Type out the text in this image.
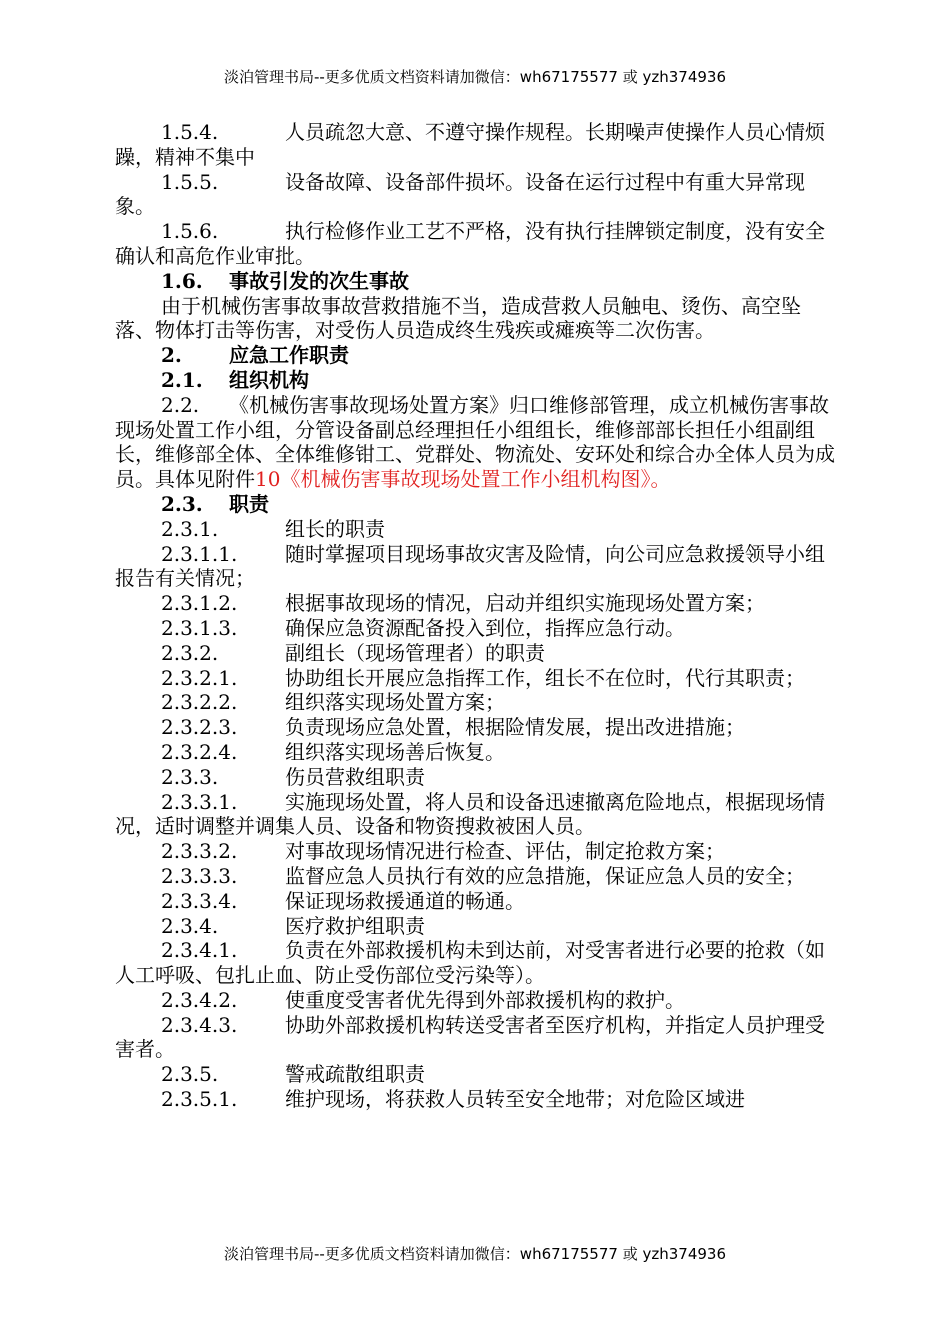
淡泊管理书局--更多优质文档资料请加微信：wh67175577 或 yzh374936

1.5.4.	人员疏忽大意、不遵守操作规程。长期噪声使操作人员心情烦躁，精神不集中

1.5.5.	设备故障、设备部件损坏。设备在运行过程中有重大异常现象。

1.5.6.	执行检修作业工艺不严格，没有执行挂牌锁定制度，没有安全确认和高危作业审批。

1.6. 事故引发的次生事故

由于机械伤害事故事故营救措施不当，造成营救人员触电、烫伤、高空坠落、物体打击等伤害，对受伤人员造成终生残疾或瘫痪等二次伤害。

2. 应急工作职责

2.1. 组织机构

2.2. 《机械伤害事故现场处置方案》归口维修部管理，成立机械伤害事故现场处置工作小组，分管设备副总经理担任小组组长，维修部部长担任小组副组长，维修部全体、全体维修钳工、党群处、物流处、安环处和综合办全体人员为成员。具体见附件10《机械伤害事故现场处置工作小组机构图》。

2.3. 职责

2.3.1.	组长的职责

2.3.1.1. 随时掌握项目现场事故灾害及险情，向公司应急救援领导小组报告有关情况；

2.3.1.2. 根据事故现场的情况，启动并组织实施现场处置方案；

2.3.1.3. 确保应急资源配备投入到位，指挥应急行动。

2.3.2.	副组长（现场管理者）的职责

2.3.2.1. 协助组长开展应急指挥工作，组长不在位时，代行其职责；

2.3.2.2. 组织落实现场处置方案；

2.3.2.3. 负责现场应急处置，根据险情发展，提出改进措施；

2.3.2.4. 组织落实现场善后恢复。

2.3.3.	伤员营救组职责

2.3.3.1. 实施现场处置，将人员和设备迅速撤离危险地点，根据现场情况，适时调整并调集人员、设备和物资搜救被困人员。

2.3.3.2. 对事故现场情况进行检查、评估，制定抢救方案；

2.3.3.3. 监督应急人员执行有效的应急措施，保证应急人员的安全；

2.3.3.4. 保证现场救援通道的畅通。

2.3.4.	医疗救护组职责

2.3.4.1. 负责在外部救援机构未到达前，对受害者进行必要的抢救（如人工呼吸、包扎止血、防止受伤部位受污染等）。

2.3.4.2. 使重度受害者优先得到外部救援机构的救护。

2.3.4.3. 协助外部救援机构转送受害者至医疗机构，并指定人员护理受害者。

2.3.5.	警戒疏散组职责

2.3.5.1. 维护现场，将获救人员转至安全地带；对危险区域进

淡泊管理书局--更多优质文档资料请加微信：wh67175577 或 yzh374936
